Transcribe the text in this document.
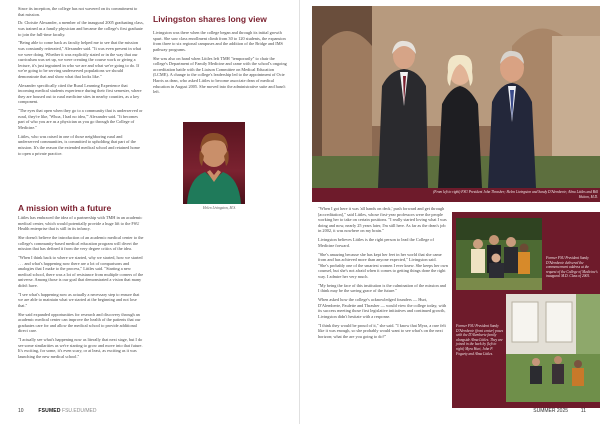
Since its inception, the college has not wavered on its commitment to that mission.

Dr. Christie Alexander, a member of the inaugural 2005 graduating class, was trained as a family physician and became the college's first graduate to join the full-time faculty.

"Being able to come back as faculty helped me to see that the mission was constantly reiterated," Alexander said. "It was even present in what we were doing. Whether it was explicitly stated or in the way that our curriculum was set up, we were creating the course work or giving a lecture, it's just ingrained in who we are and what we're going to do. If we're going to be serving underserved populations we should demonstrate that and show what that looks like."

Alexander specifically cited the Rural Learning Experience that incoming medical students experience during their first semester, where they are housed out to rural medicine sites in nearby counties, as a key component.

"The eyes that open when they go to a community that is underserved or rural, they're like, 'Whoa, I had no idea,'" Alexander said. "It becomes part of who you are as a physician as you go through the College of Medicine."

Littles, who was raised in one of those neighboring rural and underserved communities, is committed to upholding that part of the mission. It's the reason the extended medical school and retained home to open a private practice.

A mission with a future

Littles has embraced the idea of a partnership with TMH in an academic medical center, which would potentially provide a huge lift to the FSU Health enterprise that is still in its infancy.

She doesn't believe the introduction of an academic medical center to the college's community-based medical education program will divert the mission that has defined it from the very degree critics of the idea.

"When I think back to where we started, why we started, how we started . . . and what's happening now there are a lot of comparisons and analogies that I make to the process," Littles said. "Starting a new medical school, there was a lot of resistance from multiple corners of the universe. Among those is our goal that demonstrated a vision that many didn't have.

"I see what's happening now as actually a necessary step to ensure that we are able to maintain what we started at the beginning and not lose that."

She said expanded opportunities for research and discovery through an academic medical center can improve the health of the patients that our graduates care for and allow the medical school to provide additional direct care.

"I actually see what's happening now as literally that next stage, but I do see some similarities as we're starting to grow and move into that future. It's exciting, for some, it's even scary, or at least, as exciting as it was launching the new medical school."

Livingston shares long view

Livingston was there when the college began and through its initial growth spurt. She saw class enrollment climb from 30 to 120 students, the expansion from three to six regional campuses and the addition of the Bridge and IMS pathway programs.

She was also on hand when Littles left TMH "temporarily" to chair the college's Department of Family Medicine and came with the school's ongoing accreditation battle with the Liaison Committee on Medical Education (LCME). A change to the college's leadership led to the appointment of Ocie Harris as dean, who asked Littles to become associate dean of medical education in August 2005. She moved into the administrative suite and hasn't left.

Helen Livingston, M.S.
10	FSUMED FSU.EDU/MED
(From left to right) FSU President John Thrasher; Helen Livingston and Sandy D'Alemberte; Alma Littles and Bill Hutton, M.D.

"When I got here it was 'all hands on deck,' push forward and get through [accreditation]," said Littles, whose first-year professors were the people working her to take on certain positions. "I really started loving what I was doing and now, nearly 25 years later, I'm still here. As far as the dean's job in 2002, it was nowhere on my brain."

Livingston believes Littles is the right person to lead the College of Medicine forward.

"She's amazing because she has kept her feet in her world that she came from and has achieved more than anyone expected," Livingston said. "She's probably one of the smartest women I ever knew. She keeps her own counsel, but she's not afraid when it comes to getting things done the right way. I admire her very much.

"My being the face of this institution is the culmination of the mission and I think may be the saving grace of the future."

When asked how the college's acknowledged founders — Hurt, D'Alemberte, Paulette and Thrasher — would view the college today, with its success meeting those first legislative initiatives and continued growth, Livingston didn't hesitate with a response.

"I think they would be proud of it," she said. "I know that Myra, a rare felt like it was enough, so she probably would want to see what's on the next horizon; what the are you going to do?"

Former FSU President Sandy D'Alemberte delivered the commencement address at the request of the College of Medicine's inaugural M.D. Class of 2005.
Former FSU President Sandy D'Alemberte (front center) poses with the D'Alemberte family alongside Alma Littles. They are joined in the back by (left to right) Myra Hurt, John P. Fogarty and Alma Littles.
SUMMER 2025	11
